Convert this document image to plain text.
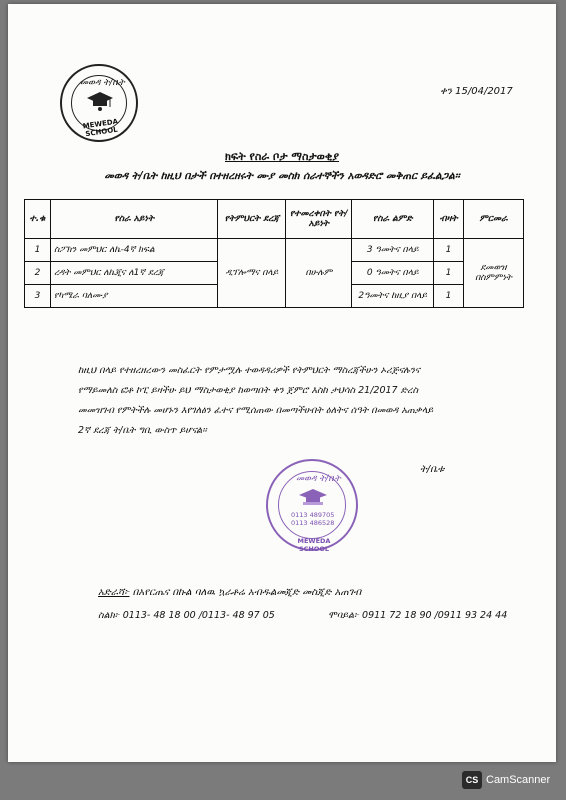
መወዳ ት/ቤት
MEWEDA SCHOOL
ቀን 15/04/2017
ክፍት የስራ ቦታ ማስታወቂያ
መወዳ ት/ቤት ከዚህ በታች በተዘረዘሩት ሙያ መስክ ሰራተኞችን አወዳድሮ መቅጠር ይፈልጋል፡፡
ተ.ቁ	የስራ አይነት	የትምህርት ደረጃ	የተመረቀበት የት/አይነት	የስራ ልምድ	ብዛት	ምርመራ
1	ስፖክን መምህር ለኬ-4ኛ ክፍል	ዲፕሎማና በላይ	በሁሉም	3 ዓመትና በላይ	1	ደመወዝ
በስምምነት

2	ረዳት መምህር ለኬጂና ለ1ኛ ደረጃ			0 ዓመትና በላይ	1	
3	የካሜራ ባለሙያ			2ዓመትና ከዚያ በላይ	1	
ከዚህ በላይ የተዘረዘረውን መስፈርት የምታሟሉ ተወዳዳሪዎች የትምህርት ማስረጃችሁን ኦሪጅናሉንና
የማይመለስ ፎቶ ኮፒ ይዛችሁ ይህ ማስታወቂያ ከወጣበት ቀን ጀምሮ እስከ ታህሳስ 21/2017 ድረስ
መመዝገብ የምትችሉ መሆኑን እየገለፅን ፈተና የሚሰጠው በመጣችሁበት ዕለትና ሰዓት በመወዳ አጠቃላይ
2ኛ ደረጃ ት/ቤት ግቢ ውስጥ ይሆናል፡፡
መወዳ ት/ቤት
0113 489705
0113 486528
MEWEDA SCHOOL
ት/ቤቱ
አድራሻ፦ በአየርጤና በኩል ባለዉ ኳራቶሬ አብዱልመጂድ መስጂድ አጠገብ
ስልክ፦ 0113- 48 18 00 /0113- 48 97 05	ሞባይል፦ 0911 72 18 90 /0911 93 24 44
CS CamScanner
